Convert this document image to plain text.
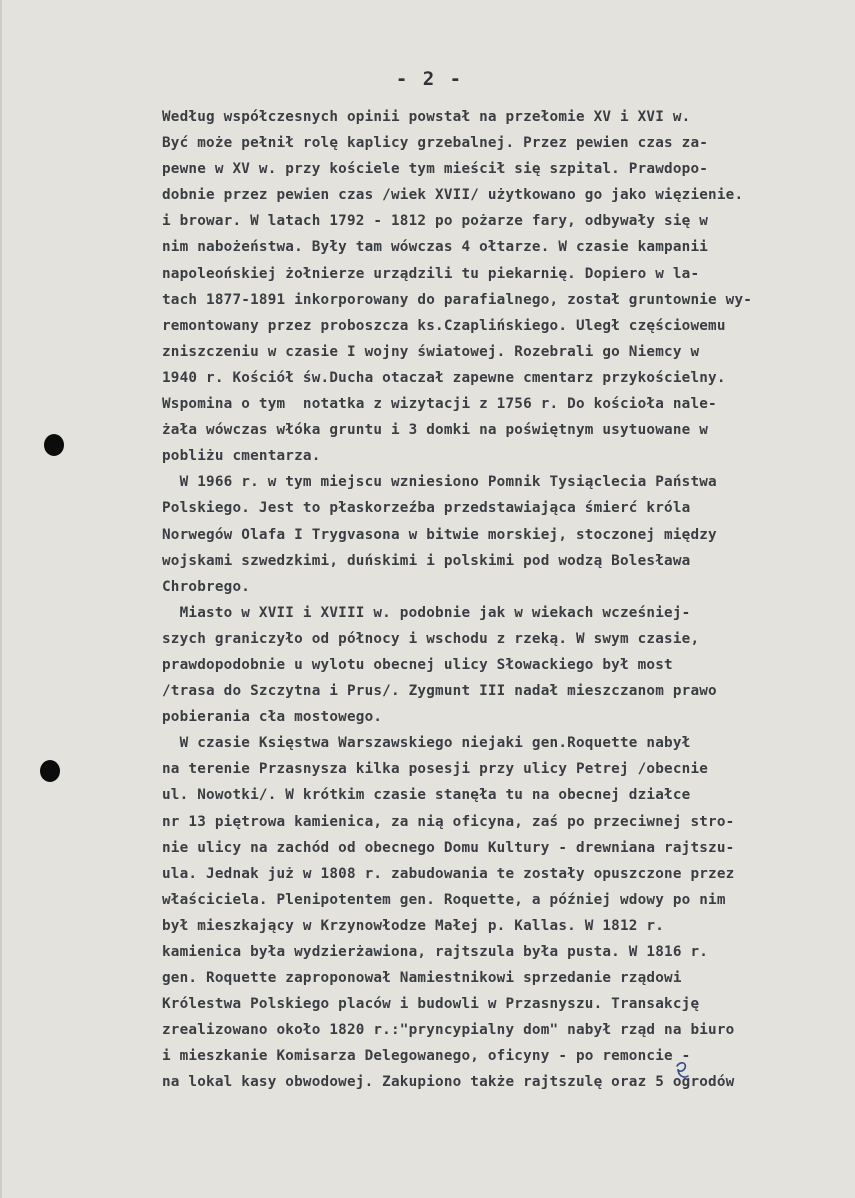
- 2 -
Według współczesnych opinii powstał na przełomie XV i XVI w.
Być może pełnił rolę kaplicy grzebalnej. Przez pewien czas za-
pewne w XV w. przy kościele tym mieścił się szpital. Prawdopo-
dobnie przez pewien czas /wiek XVII/ użytkowano go jako więzienie.
i browar. W latach 1792 - 1812 po pożarze fary, odbywały się w
nim nabożeństwa. Były tam wówczas 4 ołtarze. W czasie kampanii
napoleońskiej żołnierze urządzili tu piekarnię. Dopiero w la-
tach 1877-1891 inkorporowany do parafialnego, został gruntownie wy-
remontowany przez proboszcza ks.Czaplińskiego. Uległ częściowemu
zniszczeniu w czasie I wojny światowej. Rozebrali go Niemcy w
1940 r. Kościół św.Ducha otaczał zapewne cmentarz przykościelny.
Wspomina o tym  notatka z wizytacji z 1756 r. Do kościoła nale-
żała wówczas włóka gruntu i 3 domki na poświętnym usytuowane w
pobliżu cmentarza.
W 1966 r. w tym miejscu wzniesiono Pomnik Tysiąclecia Państwa
Polskiego. Jest to płaskorzeźba przedstawiająca śmierć króla
Norwegów Olafa I Trygvasona w bitwie morskiej, stoczonej między
wojskami szwedzkimi, duńskimi i polskimi pod wodzą Bolesława
Chrobrego.
Miasto w XVII i XVIII w. podobnie jak w wiekach wcześniej-
szych graniczyło od północy i wschodu z rzeką. W swym czasie,
prawdopodobnie u wylotu obecnej ulicy Słowackiego był most
/trasa do Szczytna i Prus/. Zygmunt III nadał mieszczanom prawo
pobierania cła mostowego.
W czasie Księstwa Warszawskiego niejaki gen.Roquette nabył
na terenie Przasnysza kilka posesji przy ulicy Petrej /obecnie
ul. Nowotki/. W krótkim czasie stanęła tu na obecnej działce
nr 13 piętrowa kamienica, za nią oficyna, zaś po przeciwnej stro-
nie ulicy na zachód od obecnego Domu Kultury - drewniana rajtszu-
ula. Jednak już w 1808 r. zabudowania te zostały opuszczone przez
właściciela. Plenipotentem gen. Roquette, a później wdowy po nim
był mieszkający w Krzynowłodze Małej p. Kallas. W 1812 r.
kamienica była wydzierżawiona, rajtszula była pusta. W 1816 r.
gen. Roquette zaproponował Namiestnikowi sprzedanie rządowi
Królestwa Polskiego placów i budowli w Przasnyszu. Transakcję
zrealizowano około 1820 r.:"pryncypialny dom" nabył rząd na biuro
i mieszkanie Komisarza Delegowanego, oficyny - po remoncie -
na lokal kasy obwodowej. Zakupiono także rajtszulę oraz 5 ogrodów
